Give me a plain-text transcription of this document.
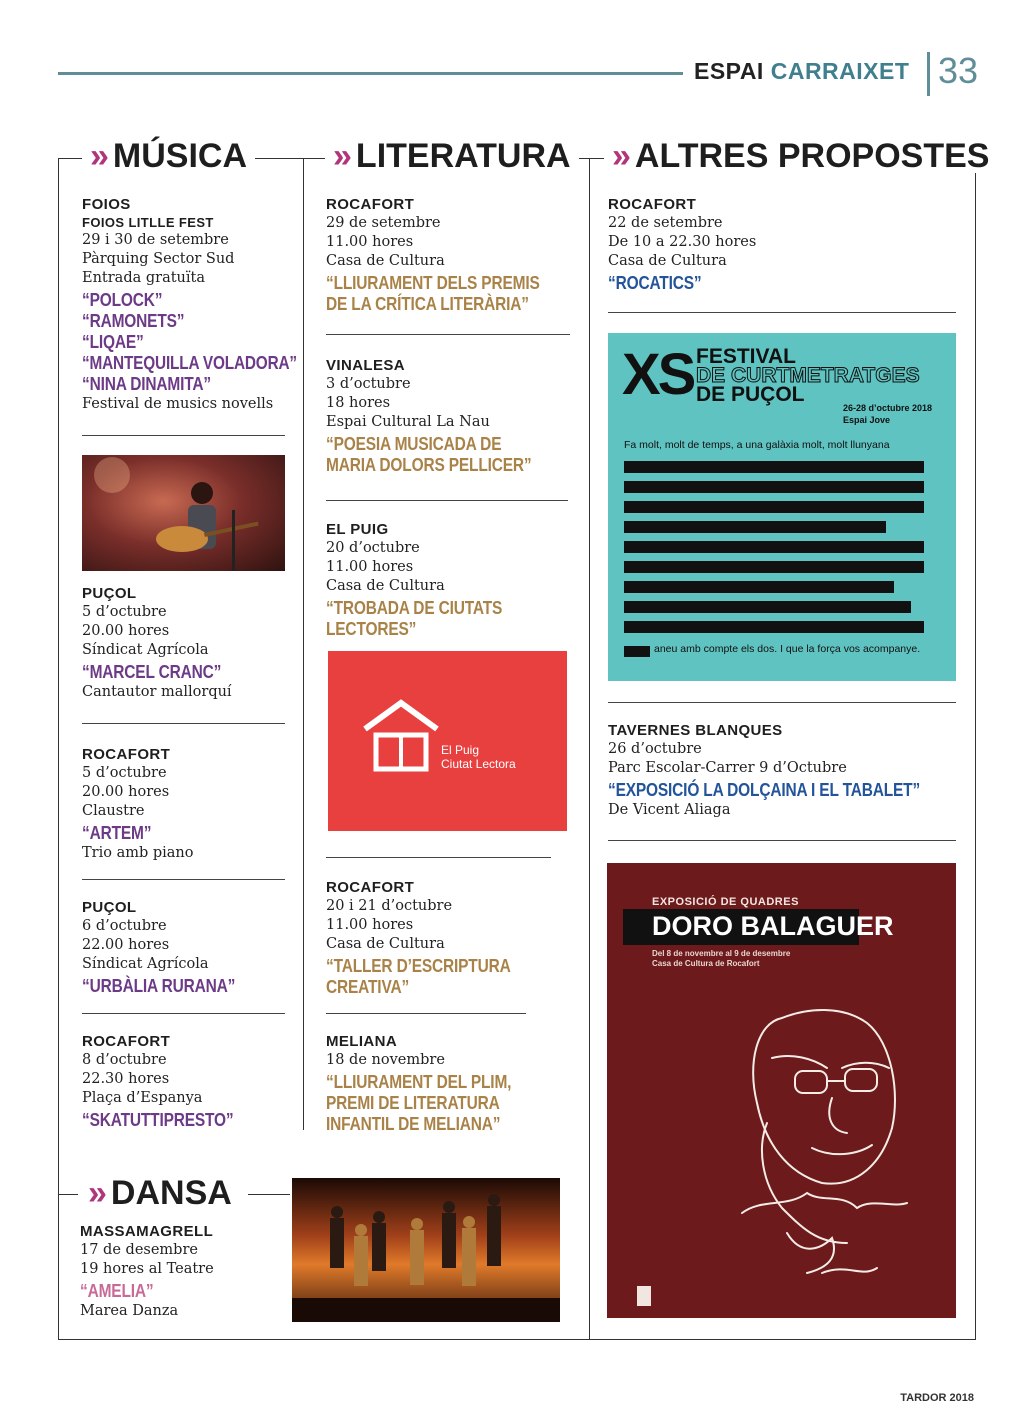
ESPAI CARRAIXET 33
» MÚSICA	» LITERATURA » ALTRES PROPOSTES
» DANSA
FOIOS
FOIOS LITLLE FEST
29 i 30 de setembre
Pàrquing Sector Sud
Entrada gratuïta
“POLOCK”
“RAMONETS”
“LIQAE”
“MANTEQUILLA VOLADORA”
“NINA DINAMITA”
Festival de musics novells
PUÇOL
5 d’octubre
20.00 hores
Síndicat Agrícola
“MARCEL CRANC”
Cantautor mallorquí
ROCAFORT
5 d’octubre
20.00 hores
Claustre
“ARTEM”
Trio amb piano
PUÇOL
6 d’octubre
22.00 hores
Síndicat Agrícola
“URBÀLIA RURANA”
ROCAFORT
8 d’octubre
22.30 hores
Plaça d’Espanya
“SKATUTTIPRESTO”
ROCAFORT
29 de setembre
11.00 hores
Casa de Cultura
“LLIURAMENT DELS PREMIS
DE LA CRÍTICA LITERÀRIA”
VINALESA
3 d’octubre
18 hores
Espai Cultural La Nau
“POESIA MUSICADA DE
MARIA DOLORS PELLICER”
EL PUIG
20 d’octubre
11.00 hores
Casa de Cultura
“TROBADA DE CIUTATS
LECTORES”
El Puig
Ciutat Lectora
ROCAFORT
20 i 21 d’octubre
11.00 hores
Casa de Cultura
“TALLER D’ESCRIPTURA
CREATIVA”
MELIANA
18 de novembre
“LLIURAMENT DEL PLIM,
PREMI DE LITERATURA
INFANTIL DE MELIANA”
ROCAFORT
22 de setembre
De 10 a 22.30 hores
Casa de Cultura
“ROCATICS”
XS FESTIVAL
DE CURTMETRATGES
DE PUÇOL
26-28 d’octubre 2018
Espai Jove
Fa molt, molt de temps, a una galàxia molt, molt llunyana
aneu amb compte els dos. I que la força vos acompanye.
TAVERNES BLANQUES
26 d’octubre
Parc Escolar-Carrer 9 d’Octubre
“EXPOSICIÓ LA DOLÇAINA I EL TABALET”
De Vicent Aliaga
EXPOSICIÓ DE QUADRES
DORO BALAGUER
Del 8 de novembre al 9 de desembre
Casa de Cultura de Rocafort
MASSAMAGRELL
17 de desembre
19 hores al Teatre
“AMELIA”
Marea Danza
TARDOR 2018
